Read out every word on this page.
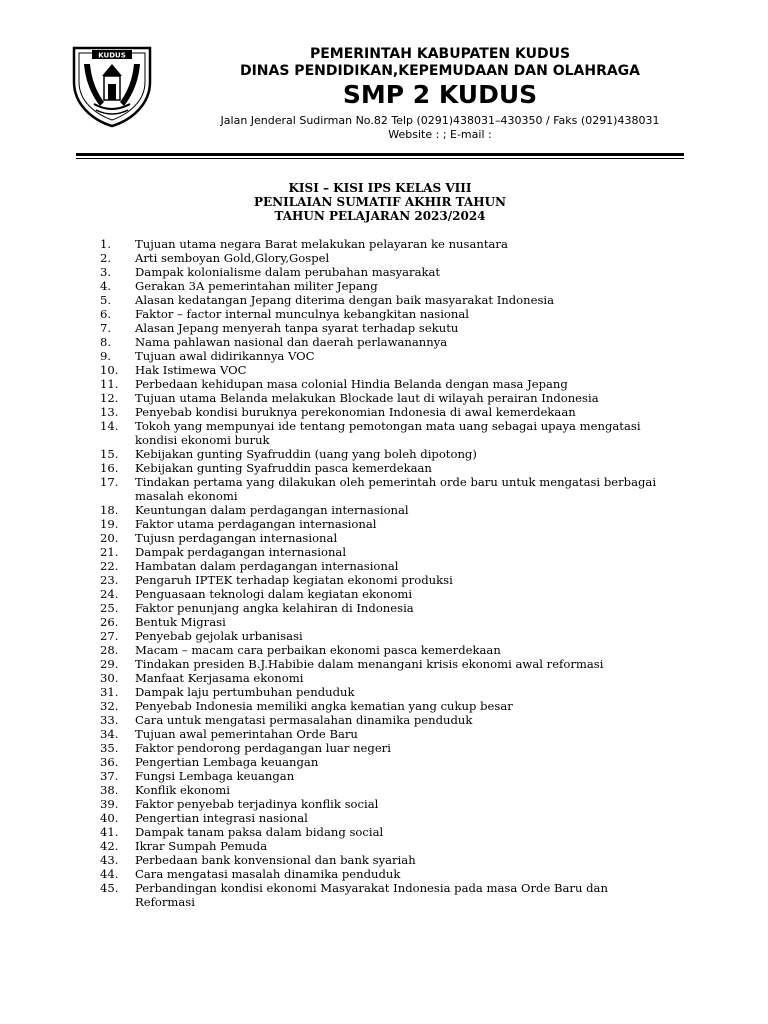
KUDUS	PEMERINTAH KABUPATEN KUDUS
DINAS PENDIDIKAN,KEPEMUDAAN DAN OLAHRAGA
SMP 2 KUDUS
Jalan Jenderal Sudirman No.82 Telp (0291)438031–430350 / Faks (0291)438031
Website : ; E-mail :
KISI – KISI IPS KELAS VIII
PENILAIAN SUMATIF AKHIR TAHUN
TAHUN PELAJARAN 2023/2024
1.	Tujuan utama negara Barat melakukan pelayaran ke nusantara
2.	Arti semboyan Gold,Glory,Gospel
3.	Dampak kolonialisme dalam perubahan masyarakat
4.	Gerakan 3A pemerintahan militer Jepang
5.	Alasan kedatangan Jepang diterima dengan baik masyarakat Indonesia
6.	Faktor – factor internal munculnya kebangkitan nasional
7.	Alasan Jepang menyerah tanpa syarat terhadap sekutu
8.	Nama pahlawan nasional dan daerah perlawanannya
9.	Tujuan awal didirikannya VOC
10.	Hak Istimewa VOC
11.	Perbedaan kehidupan masa colonial Hindia Belanda dengan masa Jepang
12.	Tujuan utama Belanda melakukan Blockade laut di wilayah perairan Indonesia
13.	Penyebab kondisi buruknya perekonomian Indonesia di awal kemerdekaan
14.	Tokoh yang mempunyai ide tentang pemotongan mata uang sebagai upaya mengatasi kondisi ekonomi buruk
15.	Kebijakan gunting Syafruddin (uang yang boleh dipotong)
16.	Kebijakan gunting Syafruddin pasca kemerdekaan
17.	Tindakan pertama yang dilakukan oleh pemerintah orde baru untuk mengatasi berbagai masalah ekonomi
18.	Keuntungan dalam perdagangan internasional
19.	Faktor utama perdagangan internasional
20.	Tujusn perdagangan internasional
21.	Dampak perdagangan internasional
22.	Hambatan dalam perdagangan internasional
23.	Pengaruh IPTEK terhadap kegiatan ekonomi produksi
24.	Penguasaan teknologi dalam kegiatan ekonomi
25.	Faktor penunjang angka kelahiran di Indonesia
26.	Bentuk Migrasi
27.	Penyebab gejolak urbanisasi
28.	Macam – macam cara perbaikan ekonomi pasca kemerdekaan
29.	Tindakan presiden B.J.Habibie dalam menangani krisis ekonomi awal reformasi
30.	Manfaat Kerjasama ekonomi
31.	Dampak laju pertumbuhan penduduk
32.	Penyebab Indonesia memiliki angka kematian yang cukup besar
33.	Cara untuk mengatasi permasalahan dinamika penduduk
34.	Tujuan awal pemerintahan Orde Baru
35.	Faktor pendorong perdagangan luar negeri
36.	Pengertian Lembaga keuangan
37.	Fungsi Lembaga keuangan
38.	Konflik ekonomi
39.	Faktor penyebab terjadinya konflik social
40.	Pengertian integrasi nasional
41.	Dampak tanam paksa dalam bidang social
42.	Ikrar Sumpah Pemuda
43.	Perbedaan bank konvensional dan bank syariah
44.	Cara mengatasi masalah dinamika penduduk
45.	Perbandingan kondisi ekonomi Masyarakat Indonesia pada masa Orde Baru dan Reformasi
